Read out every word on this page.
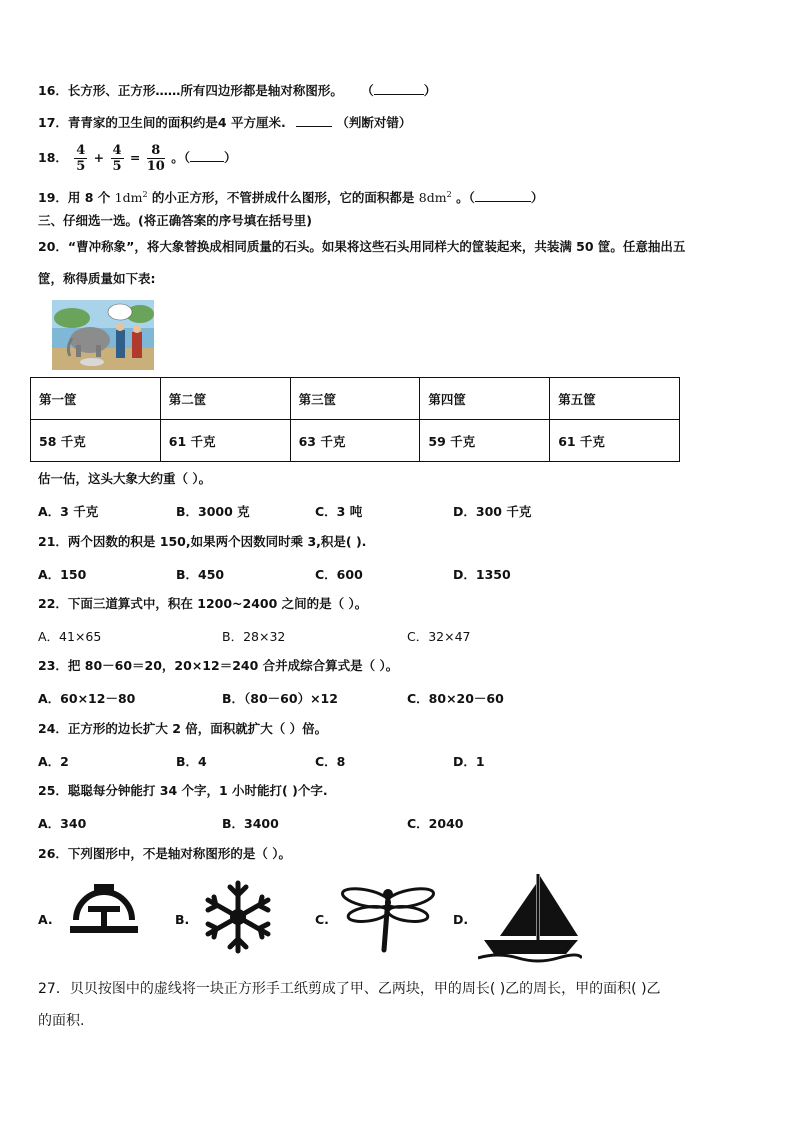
16．长方形、正方形……所有四边形都是轴对称图形。 （	）
17．青青家的卫生间的面积约是4 平方厘米.	（判断对错）
18． $\frac{4}{5} + \frac{4}{5} = \frac{8}{10}$ 。（	）
19．用 8 个 $1dm^2$ 的小正方形，不管拼成什么图形，它的面积都是 $8dm^2$ 。（	）
三、仔细选一选。(将正确答案的序号填在括号里)
20．“曹冲称象”，将大象替换成相同质量的石头。如果将这些石头用同样大的筐装起来，共装满 50 筐。任意抽出五
筐，称得质量如下表:
第一筐	第二筐	第三筐	第四筐	第五筐
58 千克	61 千克	63 千克	59 千克	61 千克
估一估，这头大象大约重（ ）。
A．3 千克	B．3000 克	C．3 吨	D．300 千克
21．两个因数的积是 150,如果两个因数同时乘 3,积是( ).
A．150	B．450	C．600	D．1350
22．下面三道算式中，积在 1200~2400 之间的是（ ）。
A．41×65	B．28×32	C．32×47
23．把 80－60＝20，20×12＝240 合并成综合算式是（ ）。
A．60×12－80	B．（80－60）×12	C．80×20－60
24．正方形的边长扩大 2 倍，面积就扩大（ ）倍。
A．2	B．4	C．8	D．1
25．聪聪每分钟能打 34 个字，1 小时能打( )个字.
A．340	B．3400	C．2040
26．下列图形中，不是轴对称图形的是（ ）。
A.	B.	C.	D.
27．贝贝按图中的虚线将一块正方形手工纸剪成了甲、乙两块，甲的周长( )乙的周长，甲的面积( )乙
的面积.
